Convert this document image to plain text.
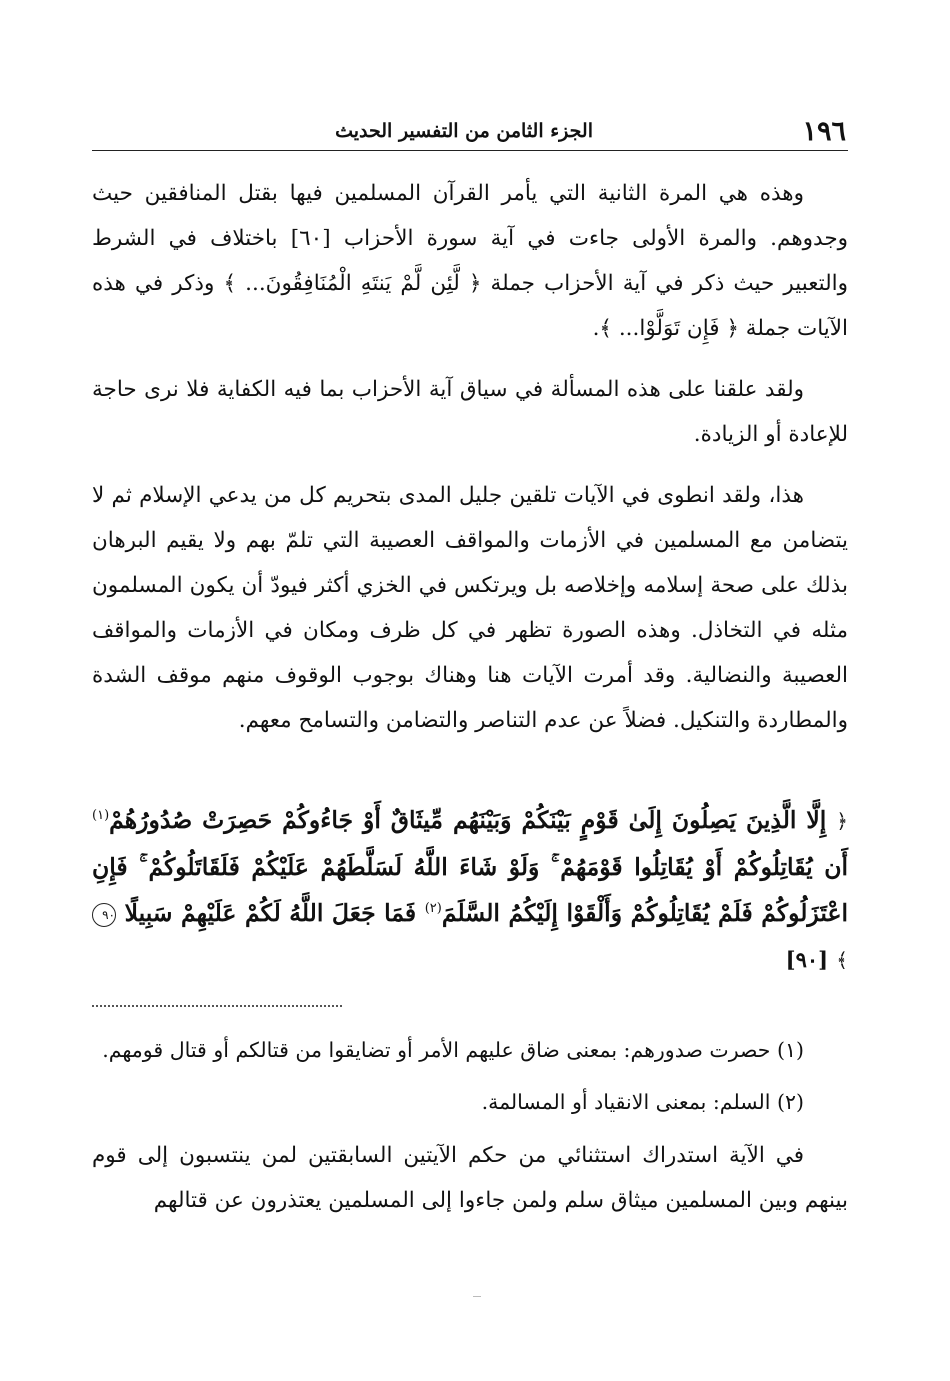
١٩٦
الجزء الثامن من التفسير الحديث

وهذه هي المرة الثانية التي يأمر القرآن المسلمين فيها بقتل المنافقين حيث وجدوهم. والمرة الأولى جاءت في آية سورة الأحزاب [٦٠] باختلاف في الشرط والتعبير حيث ذكر في آية الأحزاب جملة ﴿ لَّئِن لَّمْ يَنتَهِ الْمُنَافِقُونَ... ﴾ وذكر في هذه الآيات جملة ﴿ فَإِن تَوَلَّوْا... ﴾.

ولقد علقنا على هذه المسألة في سياق آية الأحزاب بما فيه الكفاية فلا نرى حاجة للإعادة أو الزيادة.

هذا، ولقد انطوى في الآيات تلقين جليل المدى بتحريم كل من يدعي الإسلام ثم لا يتضامن مع المسلمين في الأزمات والمواقف العصيبة التي تلمّ بهم ولا يقيم البرهان بذلك على صحة إسلامه وإخلاصه بل ويرتكس في الخزي أكثر فيودّ أن يكون المسلمون مثله في التخاذل. وهذه الصورة تظهر في كل ظرف ومكان في الأزمات والمواقف العصيبة والنضالية. وقد أمرت الآيات هنا وهناك بوجوب الوقوف منهم موقف الشدة والمطاردة والتنكيل. فضلاً عن عدم التناصر والتضامن والتسامح معهم.

﴿ إِلَّا الَّذِينَ يَصِلُونَ إِلَىٰ قَوْمٍ بَيْنَكُمْ وَبَيْنَهُم مِّيثَاقٌ أَوْ جَاءُوكُمْ حَصِرَتْ صُدُورُهُمْ$^{(١)}$ أَن يُقَاتِلُوكُمْ أَوْ يُقَاتِلُوا قَوْمَهُمْ ۚ وَلَوْ شَاءَ اللَّهُ لَسَلَّطَهُمْ عَلَيْكُمْ فَلَقَاتَلُوكُمْ ۚ فَإِنِ اعْتَزَلُوكُمْ فَلَمْ يُقَاتِلُوكُمْ وَأَلْقَوْا إِلَيْكُمُ السَّلَمَ$^{(٢)}$ فَمَا جَعَلَ اللَّهُ لَكُمْ عَلَيْهِمْ سَبِيلًا ٩٠ ﴾ [٩٠]

(١) حصرت صدورهم: بمعنى ضاق عليهم الأمر أو تضايقوا من قتالكم أو قتال قومهم.

(٢) السلم: بمعنى الانقياد أو المسالمة.

في الآية استدراك استثنائي من حكم الآيتين السابقتين لمن ينتسبون إلى قوم بينهم وبين المسلمين ميثاق سلم ولمن جاءوا إلى المسلمين يعتذرون عن قتالهم
